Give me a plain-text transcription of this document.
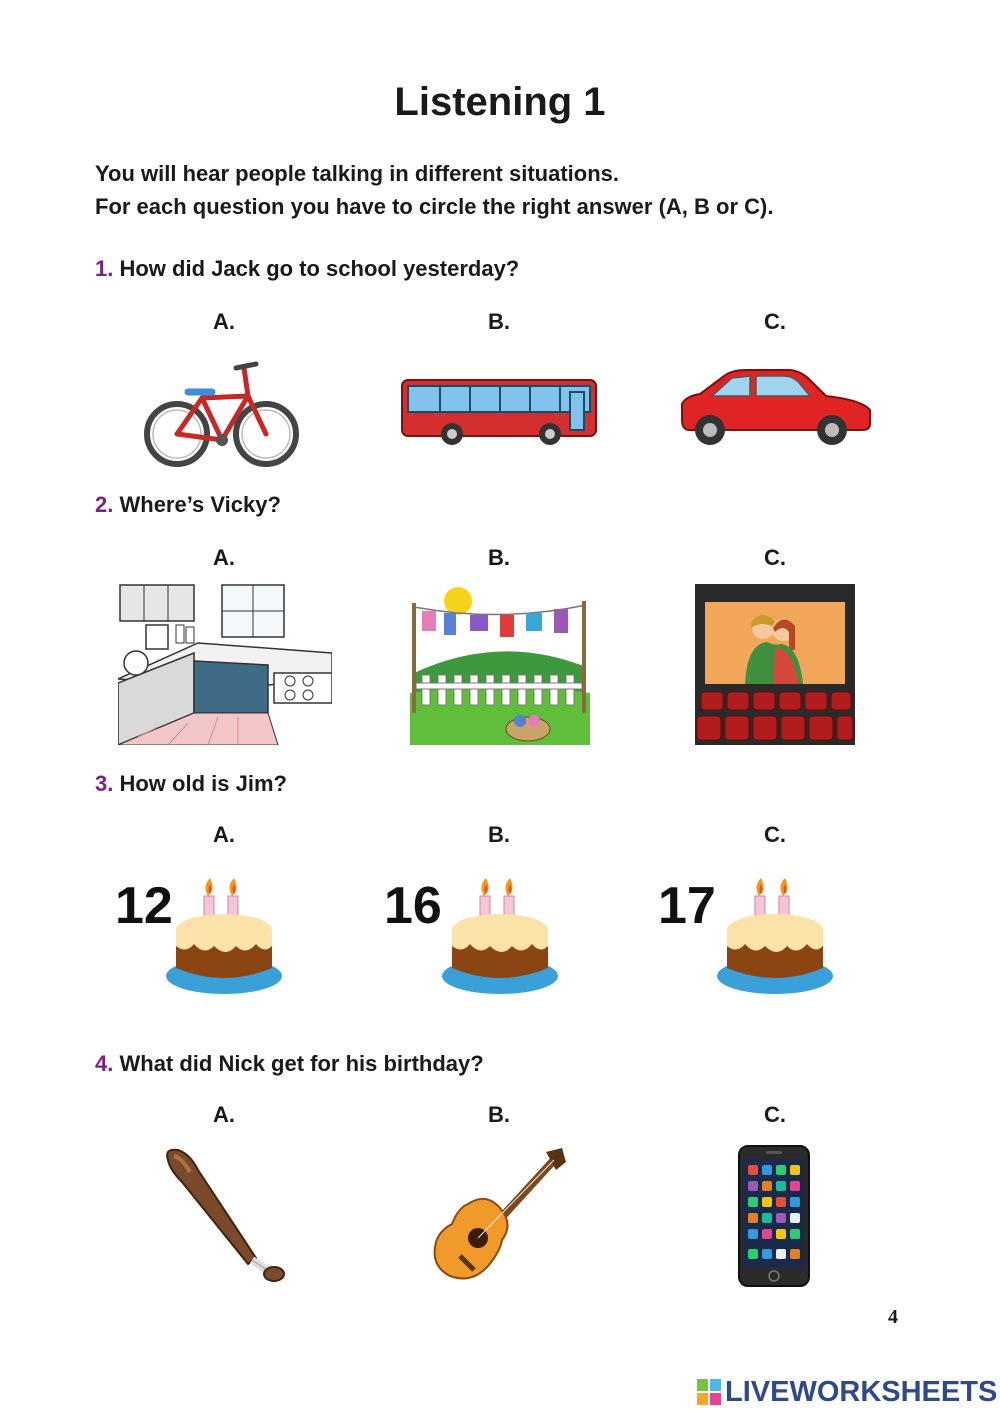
Listening 1
You will hear people talking in different situations.
For each question you have to circle the right answer (A, B or C).
1. How did Jack go to school yesterday?
A.	B.	C.
2. Where’s Vicky?
A.	B.	C.
3. How old is Jim?
A.	B.	C.
12	16	17
4. What did Nick get for his birthday?
A.	B.	C.
4
LIVEWORKSHEETS
